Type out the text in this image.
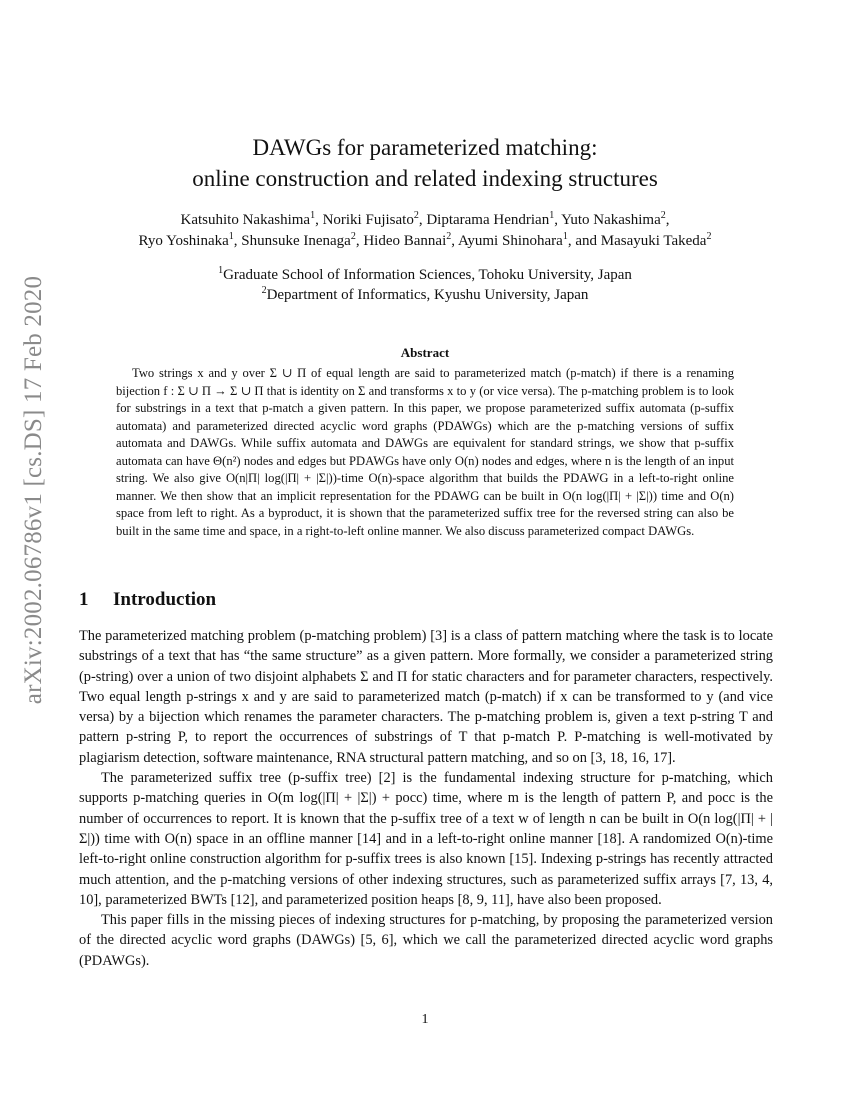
arXiv:2002.06786v1 [cs.DS] 17 Feb 2020
DAWGs for parameterized matching:
online construction and related indexing structures
Katsuhito Nakashima$^1$, Noriki Fujisato$^2$, Diptarama Hendrian$^1$, Yuto Nakashima$^2$,
Ryo Yoshinaka$^1$, Shunsuke Inenaga$^2$, Hideo Bannai$^2$, Ayumi Shinohara$^1$, and Masayuki Takeda$^2$
$^1$Graduate School of Information Sciences, Tohoku University, Japan
$^2$Department of Informatics, Kyushu University, Japan
Abstract

Two strings x and y over Σ ∪ Π of equal length are said to parameterized match (p-match) if there is a renaming bijection f : Σ ∪ Π → Σ ∪ Π that is identity on Σ and transforms x to y (or vice versa). The p-matching problem is to look for substrings in a text that p-match a given pattern. In this paper, we propose parameterized suffix automata (p-suffix automata) and parameterized directed acyclic word graphs (PDAWGs) which are the p-matching versions of suffix automata and DAWGs. While suffix automata and DAWGs are equivalent for standard strings, we show that p-suffix automata can have Θ(n²) nodes and edges but PDAWGs have only O(n) nodes and edges, where n is the length of an input string. We also give O(n|Π| log(|Π| + |Σ|))-time O(n)-space algorithm that builds the PDAWG in a left-to-right online manner. We then show that an implicit representation for the PDAWG can be built in O(n log(|Π| + |Σ|)) time and O(n) space from left to right. As a byproduct, it is shown that the parameterized suffix tree for the reversed string can also be built in the same time and space, in a right-to-left online manner. We also discuss parameterized compact DAWGs.

1 Introduction

The parameterized matching problem (p-matching problem) [3] is a class of pattern matching where the task is to locate substrings of a text that has “the same structure” as a given pattern. More formally, we consider a parameterized string (p-string) over a union of two disjoint alphabets Σ and Π for static characters and for parameter characters, respectively. Two equal length p-strings x and y are said to parameterized match (p-match) if x can be transformed to y (and vice versa) by a bijection which renames the parameter characters. The p-matching problem is, given a text p-string T and pattern p-string P, to report the occurrences of substrings of T that p-match P. P-matching is well-motivated by plagiarism detection, software maintenance, RNA structural pattern matching, and so on [3, 18, 16, 17].

The parameterized suffix tree (p-suffix tree) [2] is the fundamental indexing structure for p-matching, which supports p-matching queries in O(m log(|Π| + |Σ|) + pocc) time, where m is the length of pattern P, and pocc is the number of occurrences to report. It is known that the p-suffix tree of a text w of length n can be built in O(n log(|Π| + |Σ|)) time with O(n) space in an offline manner [14] and in a left-to-right online manner [18]. A randomized O(n)-time left-to-right online construction algorithm for p-suffix trees is also known [15]. Indexing p-strings has recently attracted much attention, and the p-matching versions of other indexing structures, such as parameterized suffix arrays [7, 13, 4, 10], parameterized BWTs [12], and parameterized position heaps [8, 9, 11], have also been proposed.

This paper fills in the missing pieces of indexing structures for p-matching, by proposing the parameterized version of the directed acyclic word graphs (DAWGs) [5, 6], which we call the parameterized directed acyclic word graphs (PDAWGs).

1
